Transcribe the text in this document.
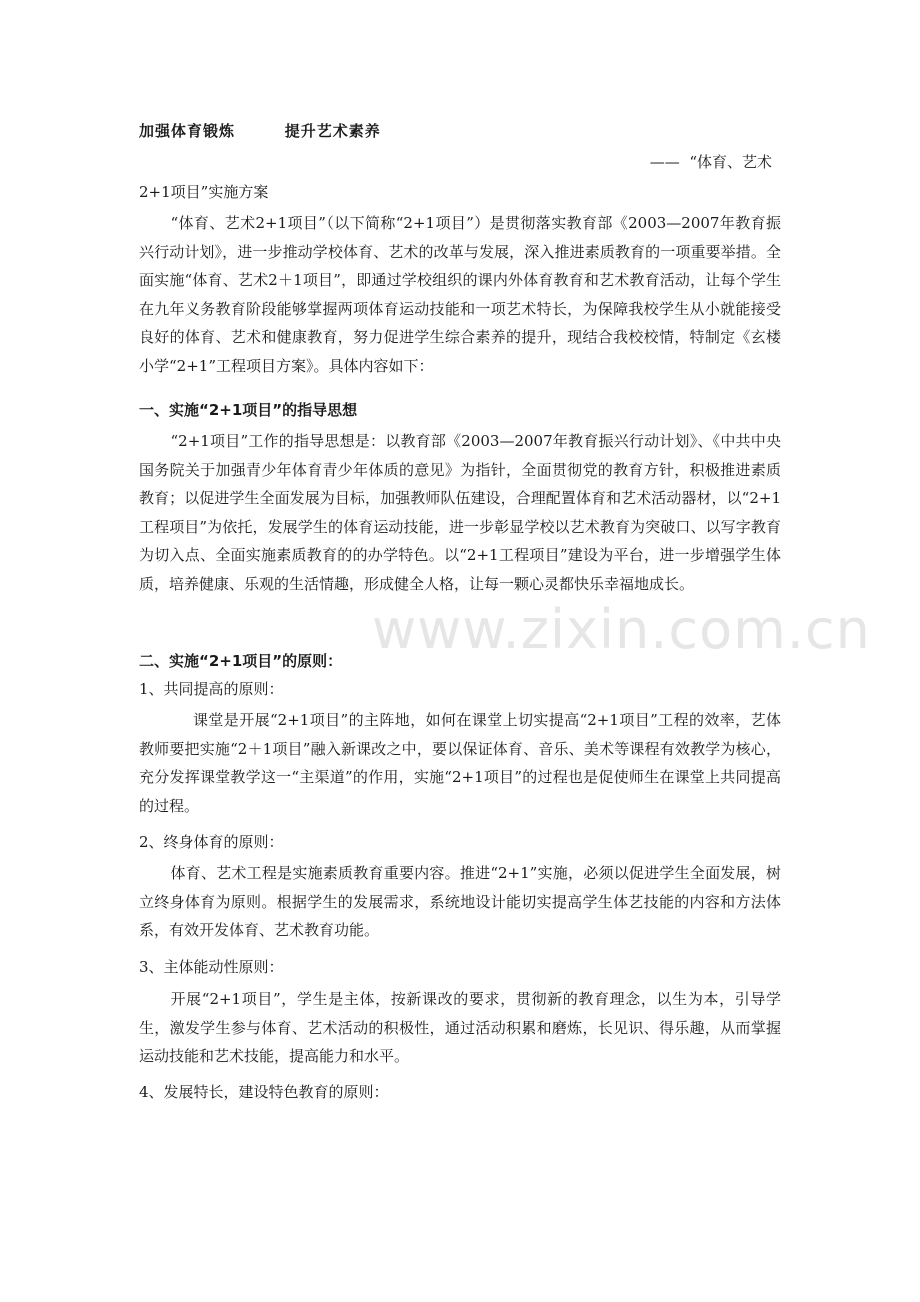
www.zixin.com.cn
加强体育锻炼        提升艺术素养
——  “体育、艺术
2+1项目”实施方案
“体育、艺术2+1项目”（以下简称“2+1项目”）是贯彻落实教育部《2003—2007年教育振兴行动计划》，进一步推动学校体育、艺术的改革与发展，深入推进素质教育的一项重要举措。全面实施“体育、艺术2＋1项目”，即通过学校组织的课内外体育教育和艺术教育活动，让每个学生在九年义务教育阶段能够掌握两项体育运动技能和一项艺术特长，为保障我校学生从小就能接受良好的体育、艺术和健康教育，努力促进学生综合素养的提升，现结合我校校情，特制定《玄楼小学“2+1”工程项目方案》。具体内容如下：
一、实施“2+1项目”的指导思想
“2+1项目”工作的指导思想是：以教育部《2003—2007年教育振兴行动计划》、《中共中央国务院关于加强青少年体育青少年体质的意见》为指针，全面贯彻党的教育方针，积极推进素质教育；以促进学生全面发展为目标，加强教师队伍建设，合理配置体育和艺术活动器材，以“2+1工程项目”为依托，发展学生的体育运动技能，进一步彰显学校以艺术教育为突破口、以写字教育为切入点、全面实施素质教育的的办学特色。以“2+1工程项目”建设为平台，进一步增强学生体质，培养健康、乐观的生活情趣，形成健全人格，让每一颗心灵都快乐幸福地成长。
二、实施“2+1项目”的原则：
1、共同提高的原则：
课堂是开展“2+1项目”的主阵地，如何在课堂上切实提高“2+1项目”工程的效率，艺体教师要把实施“2＋1项目”融入新课改之中，要以保证体育、音乐、美术等课程有效教学为核心，充分发挥课堂教学这一“主渠道”的作用，实施“2+1项目”的过程也是促使师生在课堂上共同提高的过程。
2、终身体育的原则：
体育、艺术工程是实施素质教育重要内容。推进“2+1”实施，必须以促进学生全面发展，树立终身体育为原则。根据学生的发展需求，系统地设计能切实提高学生体艺技能的内容和方法体系，有效开发体育、艺术教育功能。
3、主体能动性原则：
开展“2+1项目”，学生是主体，按新课改的要求，贯彻新的教育理念，以生为本，引导学生，激发学生参与体育、艺术活动的积极性，通过活动积累和磨炼，长见识、得乐趣，从而掌握运动技能和艺术技能，提高能力和水平。
4、发展特长，建设特色教育的原则：
